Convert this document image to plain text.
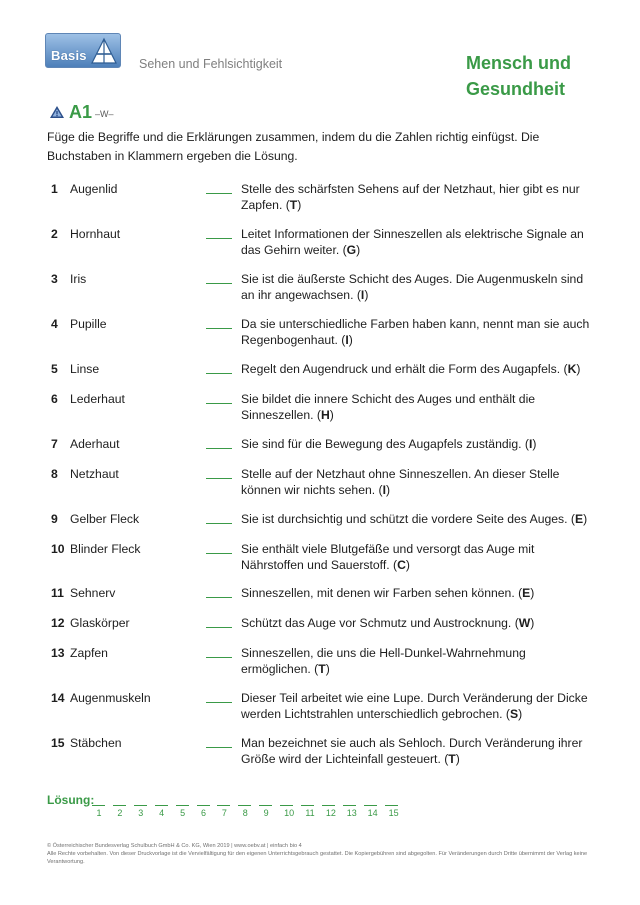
Basis
Sehen und Fehlsichtigkeit	Mensch und
Gesundheit
A1 –W–
Füge die Begriffe und die Erklärungen zusammen, indem du die Zahlen richtig einfügst. Die Buchstaben in Klammern ergeben die Lösung.
1 Augenlid	Stelle des schärfsten Sehens auf der Netzhaut, hier gibt es nur Zapfen. (T)
2 Hornhaut	Leitet Informationen der Sinneszellen als elektrische Signale an das Gehirn weiter. (G)
3 Iris	Sie ist die äußerste Schicht des Auges. Die Augenmuskeln sind an ihr angewachsen. (I)
4 Pupille	Da sie unterschiedliche Farben haben kann, nennt man sie auch Regenbogenhaut. (I)
5 Linse	Regelt den Augendruck und erhält die Form des Augapfels. (K)
6 Lederhaut	Sie bildet die innere Schicht des Auges und enthält die Sinneszellen. (H)
7 Aderhaut	Sie sind für die Bewegung des Augapfels zuständig. (I)
8 Netzhaut	Stelle auf der Netzhaut ohne Sinneszellen. An dieser Stelle können wir nichts sehen. (I)
9 Gelber Fleck	Sie ist durchsichtig und schützt die vordere Seite des Auges. (E)
10 Blinder Fleck	Sie enthält viele Blutgefäße und versorgt das Auge mit Nährstoffen und Sauerstoff. (C)
11 Sehnerv	Sinneszellen, mit denen wir Farben sehen können. (E)
12 Glaskörper	Schützt das Auge vor Schmutz und Austrocknung. (W)
13 Zapfen	Sinneszellen, die uns die Hell-Dunkel-Wahrnehmung ermöglichen. (T)
14 Augenmuskeln	Dieser Teil arbeitet wie eine Lupe. Durch Veränderung der Dicke werden Lichtstrahlen unterschiedlich gebrochen. (S)
15 Stäbchen	Man bezeichnet sie auch als Sehloch. Durch Veränderung ihrer Größe wird der Lichteinfall gesteuert. (T)
Lösung:
1	2	3	4	5	6	7	8	9	10	11	12	13	14	15
© Österreichischer Bundesverlag Schulbuch GmbH & Co. KG, Wien 2019 | www.oebv.at | einfach bio 4
Alle Rechte vorbehalten. Von dieser Druckvorlage ist die Vervielfältigung für den eigenen Unterrichtsgebrauch gestattet. Die Kopiergebühren sind abgegolten. Für Veränderungen durch Dritte übernimmt der Verlag keine Verantwortung.
